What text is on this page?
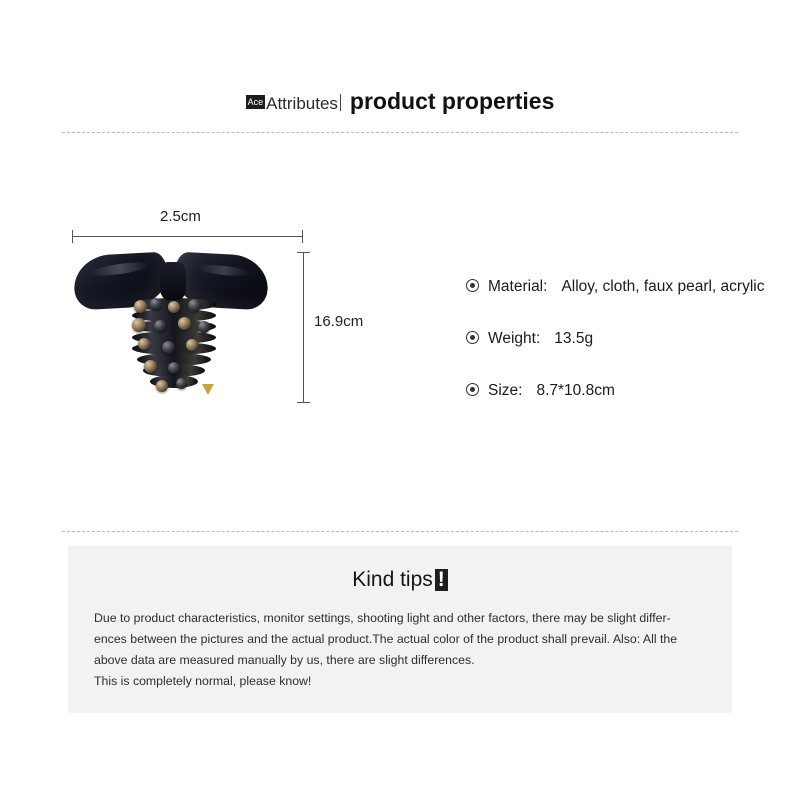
Ace Attributes product properties
2.5cm
16.9cm
Material : Alloy, cloth, faux pearl, acrylic
Weight : 13.5g
Size : 8.7*10.8cm
Kind tips !

Due to product characteristics, monitor settings, shooting light and other factors, there may be slight differ-

ences between the pictures and the actual product.The actual color of the product shall prevail. Also: All the

above data are measured manually by us, there are slight differences.

This is completely normal, please know!
